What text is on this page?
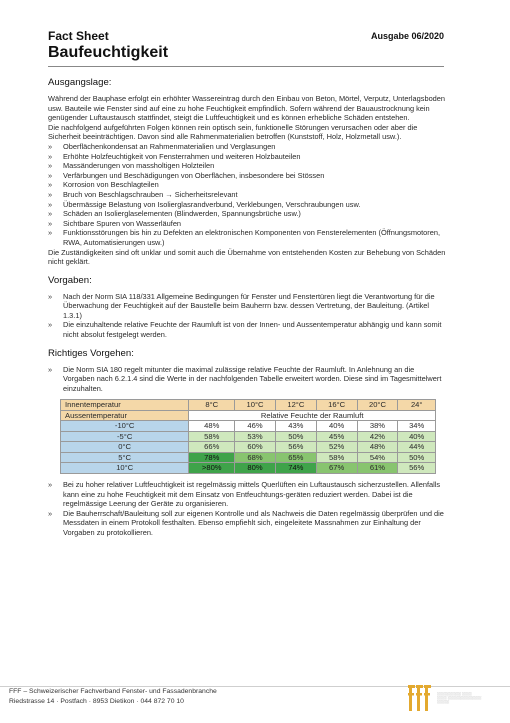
Fact Sheet	Ausgabe 06/2020
Baufeuchtigkeit
Ausgangslage:

Während der Bauphase erfolgt ein erhöhter Wassereintrag durch den Einbau von Beton, Mörtel, Verputz, Unterlagsboden usw. Bauteile wie Fenster sind auf eine zu hohe Feuchtigkeit empfindlich. Sofern während der Bauaustrocknung kein genügender Luftaustausch stattfindet, steigt die Luftfeuchtigkeit und es können erhebliche Schäden entstehen.

Die nachfolgend aufgeführten Folgen können rein optisch sein, funktionelle Störungen verursachen oder aber die Sicherheit beeinträchtigen. Davon sind alle Rahmenmaterialien betroffen (Kunststoff, Holz, Holzmetall usw.).

» Oberflächenkondensat an Rahmenmaterialien und Verglasungen
» Erhöhte Holzfeuchtigkeit von Fensterrahmen und weiteren Holzbauteilen
» Massänderungen von massholtigen Holzteilen
» Verfärbungen und Beschädigungen von Oberflächen, insbesondere bei Stössen
» Korrosion von Beschlagteilen
» Bruch von Beschlagschrauben → Sicherheitsrelevant
» Übermässige Belastung von Isolierglasrandverbund, Verklebungen, Verschraubungen usw.
» Schäden an Isolierglaselementen (Blindwerden, Spannungsbrüche usw.)
» Sichtbare Spuren von Wasserläufen
» Funktionsstörungen bis hin zu Defekten an elektronischen Komponenten von Fensterelementen (Öffnungsmotoren, RWA, Automatisierungen usw.)

Die Zuständigkeiten sind oft unklar und somit auch die Übernahme von entstehenden Kosten zur Behebung von Schäden nicht geklärt.

Vorgaben:
» Nach der Norm SIA 118/331 Allgemeine Bedingungen für Fenster und Fenstertüren liegt die Verantwortung für die Überwachung der Feuchtigkeit auf der Baustelle beim Bauherrn bzw. dessen Vertretung, der Bauleitung. (Artikel 1.3.1)
» Die einzuhaltende relative Feuchte der Raumluft ist von der Innen- und Aussentemperatur abhängig und kann somit nicht absolut festgelegt werden.
Richtiges Vorgehen:
» Die Norm SIA 180 regelt mitunter die maximal zulässige relative Feuchte der Raumluft. In Anlehnung an die Vorgaben nach 6.2.1.4 sind die Werte in der nachfolgenden Tabelle erweitert worden. Diese sind im Tagesmittelwert einzuhalten.
Innentemperatur	8°C	10°C	12°C	16°C	20°C	24°
Aussentemperatur	Relative Feuchte der Raumluft					
-10°C	48%	46%	43%	40%	38%	34%
-5°C	58%	53%	50%	45%	42%	40%
0°C	66%	60%	56%	52%	48%	44%
5°C	78%	68%	65%	58%	54%	50%
10°C	>80%	80%	74%	67%	61%	56%
» Bei zu hoher relativer Luftfeuchtigkeit ist regelmässig mittels Querlüften ein Luftaustausch sicherzustellen. Allenfalls kann eine zu hohe Feuchtigkeit mit dem Einsatz von Entfeuchtungs-geräten reduziert werden. Dabei ist die regelmässige Leerung der Geräte zu organisieren.
» Die Bauherrschaft/Bauleitung soll zur eigenen Kontrolle und als Nachweis die Daten regelmässig überprüfen und die Messdaten in einem Protokoll festhalten. Ebenso empfiehlt sich, eingeleitete Massnahmen zur Einhaltung der Vorgaben zu protokollieren.
FFF – Schweizerischer Fachverband Fenster- und Fassadenbranche
Riedstrasse 14 · Postfach · 8953 Dietikon · 044 872 70 10
░░░░░░░░░░ ░░░░
░░░░ ░░░░░░░░░░░░░░
░░░░░
